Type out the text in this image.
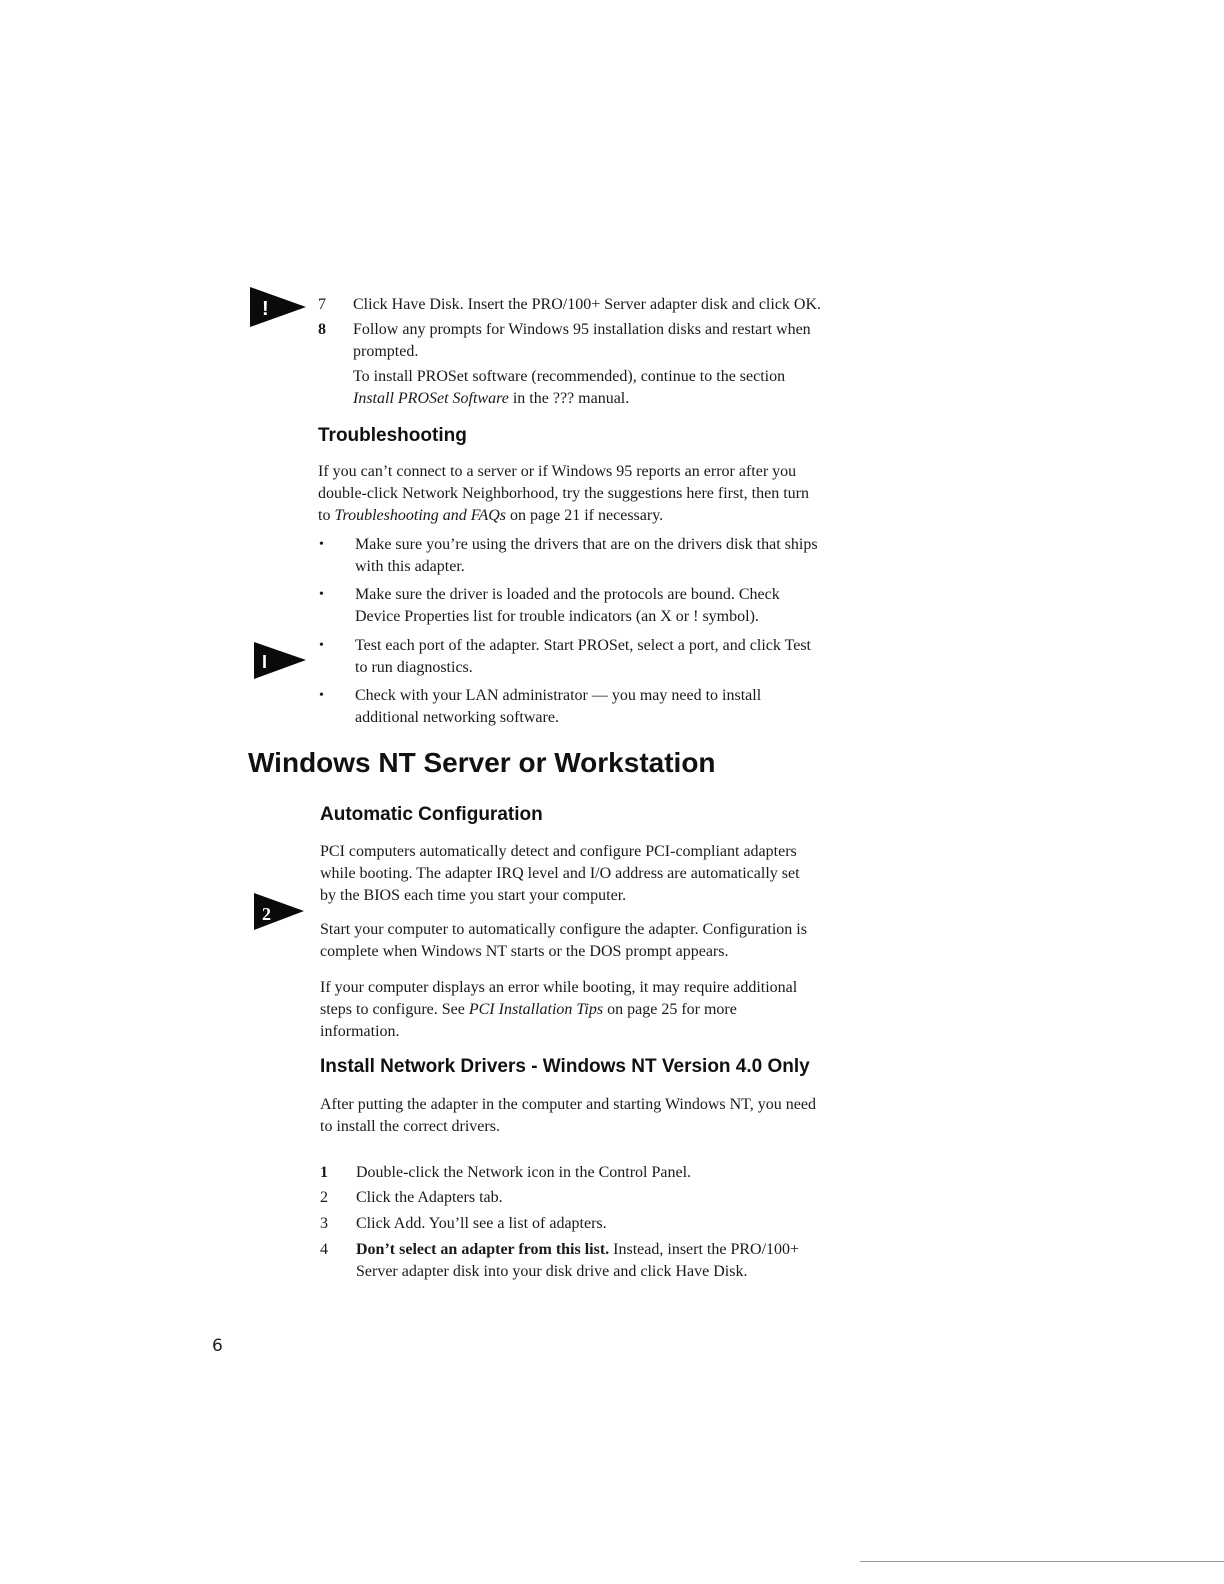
!
I
2
7	Click Have Disk. Insert the PRO/100+ Server adapter disk and click OK.
8	Follow any prompts for Windows 95 installation disks and restart when
prompted.
To install PROSet software (recommended), continue to the section
Install PROSet Software in the ??? manual.
Troubleshooting
If you can’t connect to a server or if Windows 95 reports an error after you
double-click Network Neighborhood, try the suggestions here first, then turn
to Troubleshooting and FAQs on page 21 if necessary.
• Make sure you’re using the drivers that are on the drivers disk that ships
with this adapter.
• Make sure the driver is loaded and the protocols are bound. Check
Device Properties list for trouble indicators (an X or ! symbol).
• Test each port of the adapter. Start PROSet, select a port, and click Test
to run diagnostics.
• Check with your LAN administrator — you may need to install
additional networking software.
Windows NT Server or Workstation
Automatic Configuration
PCI computers automatically detect and configure PCI-compliant adapters
while booting. The adapter IRQ level and I/O address are automatically set
by the BIOS each time you start your computer.
Start your computer to automatically configure the adapter. Configuration is
complete when Windows NT starts or the DOS prompt appears.
If your computer displays an error while booting, it may require additional
steps to configure. See PCI Installation Tips on page 25 for more
information.
Install Network Drivers - Windows NT Version 4.0 Only
After putting the adapter in the computer and starting Windows NT, you need
to install the correct drivers.
1	Double-click the Network icon in the Control Panel.
2	Click the Adapters tab.
3	Click Add. You’ll see a list of adapters.
4	Don’t select an adapter from this list. Instead, insert the PRO/100+
Server adapter disk into your disk drive and click Have Disk.
6
